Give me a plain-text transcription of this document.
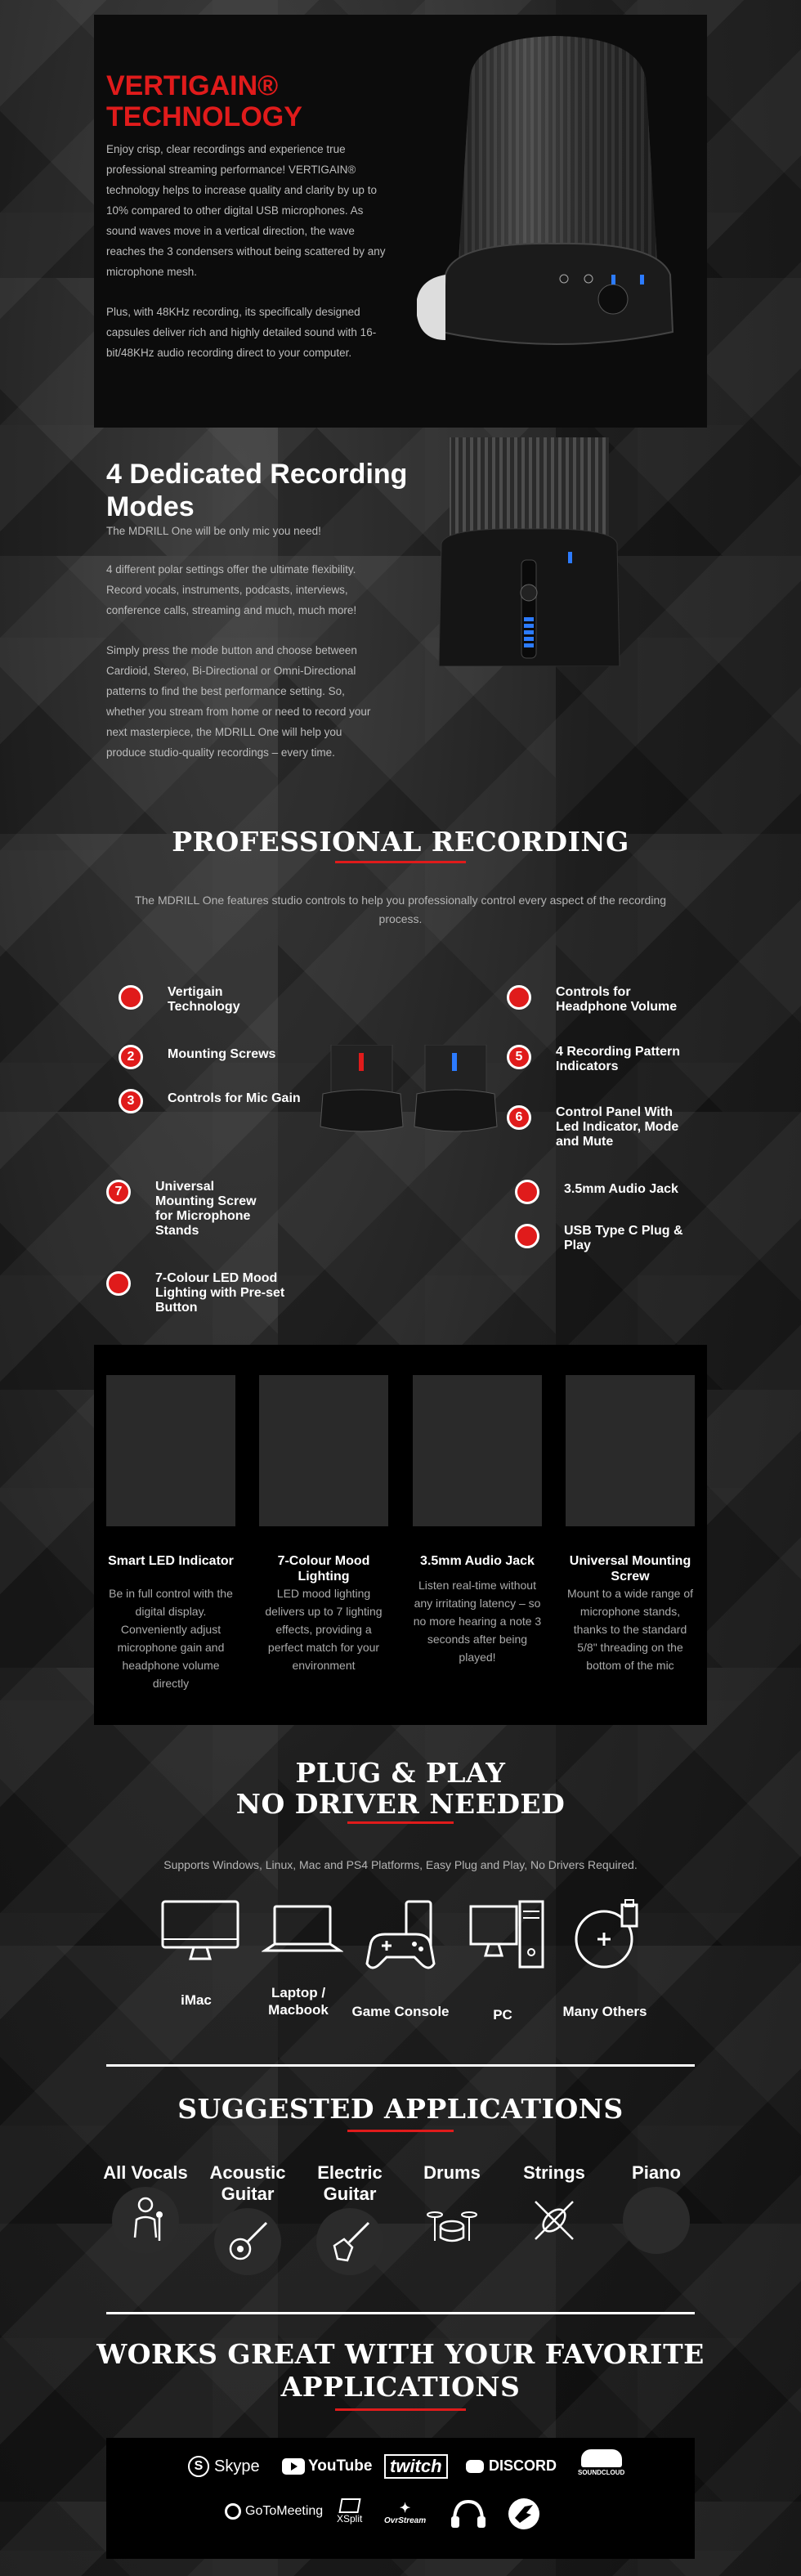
VERTIGAIN® TECHNOLOGY

Enjoy crisp, clear recordings and experience true professional streaming performance! VERTIGAIN® technology helps to increase quality and clarity by up to 10% compared to other digital USB microphones. As sound waves move in a vertical direction, the wave reaches the 3 condensers without being scattered by any microphone mesh.

Plus, with 48KHz recording, its specifically designed capsules deliver rich and highly detailed sound with 16-bit/48KHz audio recording direct to your computer.

4 Dedicated Recording Modes

The MDRILL One will be only mic you need!

4 different polar settings offer the ultimate flexibility. Record vocals, instruments, podcasts, interviews, conference calls, streaming and much, much more!

Simply press the mode button and choose between Cardioid, Stereo, Bi-Directional or Omni-Directional patterns to find the best performance setting. So, whether you stream from home or need to record your next masterpiece, the MDRILL One will help you produce studio-quality recordings – every time.

PROFESSIONAL RECORDING

The MDRILL One features studio controls to help you professionally control every aspect of the recording process.

Vertigain Technology
2	Mounting Screws
3	Controls for Mic Gain
7	Universal Mounting Screw for Microphone Stands
7-Colour LED Mood Lighting with Pre-set Button
Controls for Headphone Volume
5	4 Recording Pattern Indicators
6	Control Panel With Led Indicator, Mode and Mute
3.5mm Audio Jack
USB Type C Plug & Play
Smart LED Indicator	7-Colour Mood Lighting
3.5mm Audio Jack	Universal Mounting Screw
Be in full control with the digital display. Conveniently adjust microphone gain and headphone volume directly
LED mood lighting delivers up to 7 lighting effects, providing a perfect match for your environment
Listen real-time without any irritating latency – so no more hearing a note 3 seconds after being played!
Mount to a wide range of microphone stands, thanks to the standard 5/8" threading on the bottom of the mic
PLUG & PLAY
NO DRIVER NEEDED

Supports Windows, Linux, Mac and PS4 Platforms, Easy Plug and Play, No Drivers Required.

iMac	Laptop / Macbook	Game Console	PC	Many Others
SUGGESTED APPLICATIONS
All Vocals	Acoustic Guitar
Electric Guitar
Drums	Strings	Piano
WORKS GREAT WITH YOUR FAVORITE
APPLICATIONS
S Skype	YouTube twitch	DISCORD	SOUNDCLOUD
GoToMeeting
XSplit
✦
OvrStream
